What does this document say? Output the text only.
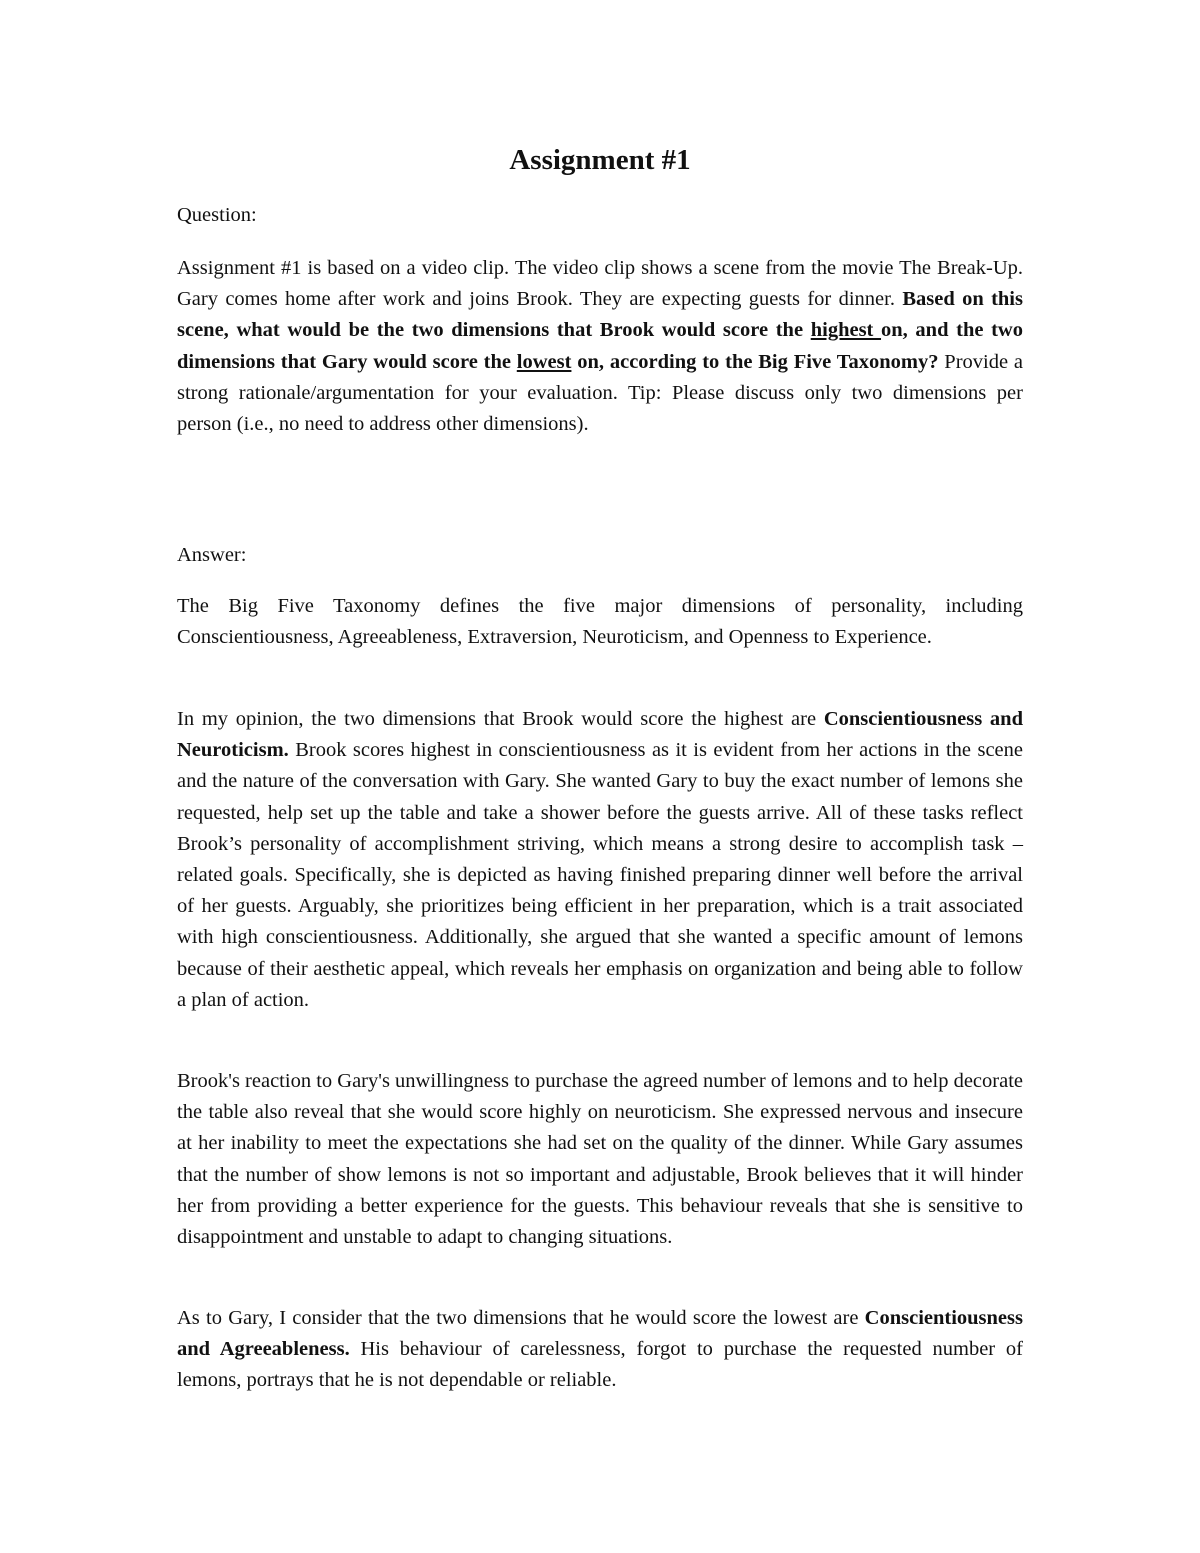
Assignment #1

Question:

Assignment #1 is based on a video clip. The video clip shows a scene from the movie The Break-Up. Gary comes home after work and joins Brook. They are expecting guests for dinner. Based on this scene, what would be the two dimensions that Brook would score the highest on, and the two dimensions that Gary would score the lowest on, according to the Big Five Taxonomy? Provide a strong rationale/argumentation for your evaluation. Tip: Please discuss only two dimensions per person (i.e., no need to address other dimensions).

Answer:

The Big Five Taxonomy defines the five major dimensions of personality, including Conscientiousness, Agreeableness, Extraversion, Neuroticism, and Openness to Experience.

In my opinion, the two dimensions that Brook would score the highest are Conscientiousness and Neuroticism. Brook scores highest in conscientiousness as it is evident from her actions in the scene and the nature of the conversation with Gary. She wanted Gary to buy the exact number of lemons she requested, help set up the table and take a shower before the guests arrive. All of these tasks reflect Brook’s personality of accomplishment striving, which means a strong desire to accomplish task –related goals. Specifically, she is depicted as having finished preparing dinner well before the arrival of her guests. Arguably, she prioritizes being efficient in her preparation, which is a trait associated with high conscientiousness. Additionally, she argued that she wanted a specific amount of lemons because of their aesthetic appeal, which reveals her emphasis on organization and being able to follow a plan of action.

Brook's reaction to Gary's unwillingness to purchase the agreed number of lemons and to help decorate the table also reveal that she would score highly on neuroticism. She expressed nervous and insecure at her inability to meet the expectations she had set on the quality of the dinner. While Gary assumes that the number of show lemons is not so important and adjustable, Brook believes that it will hinder her from providing a better experience for the guests. This behaviour reveals that she is sensitive to disappointment and unstable to adapt to changing situations.

As to Gary, I consider that the two dimensions that he would score the lowest are Conscientiousness and Agreeableness. His behaviour of carelessness, forgot to purchase the requested number of lemons, portrays that he is not dependable or reliable.
